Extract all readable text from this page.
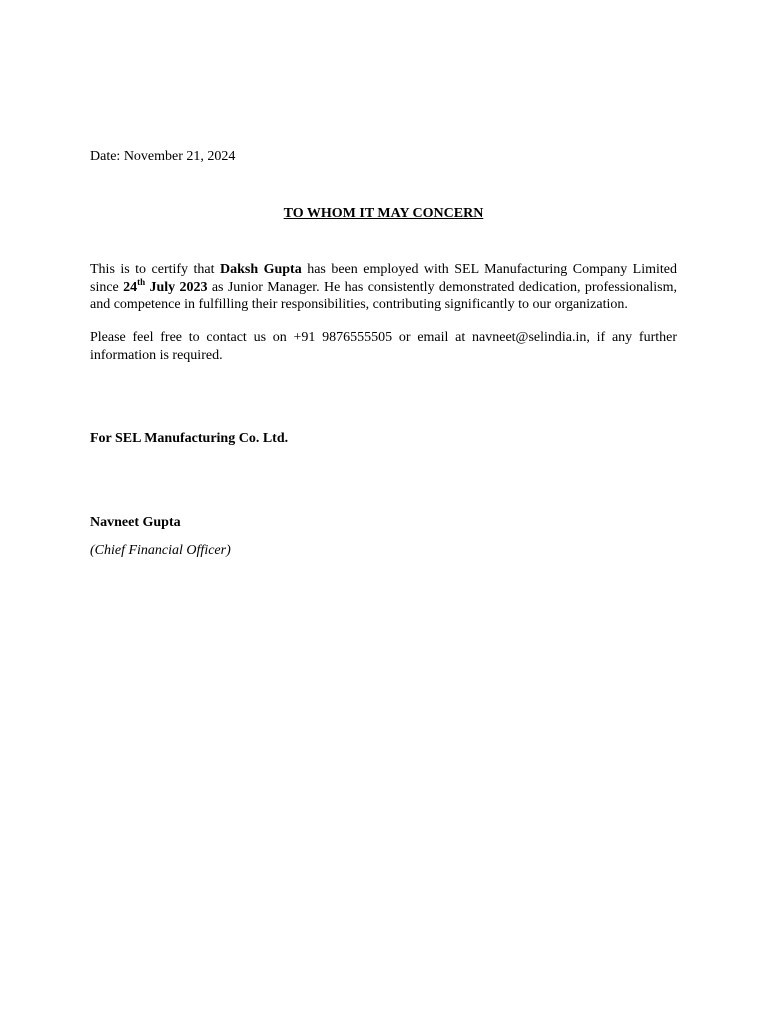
Date: November 21, 2024
TO WHOM IT MAY CONCERN

This is to certify that Daksh Gupta has been employed with SEL Manufacturing Company Limited since 24th July 2023 as Junior Manager. He has consistently demonstrated dedication, professionalism, and competence in fulfilling their responsibilities, contributing significantly to our organization.

Please feel free to contact us on +91 9876555505 or email at navneet@selindia.in, if any further information is required.

For SEL Manufacturing Co. Ltd.
Navneet Gupta
(Chief Financial Officer)
